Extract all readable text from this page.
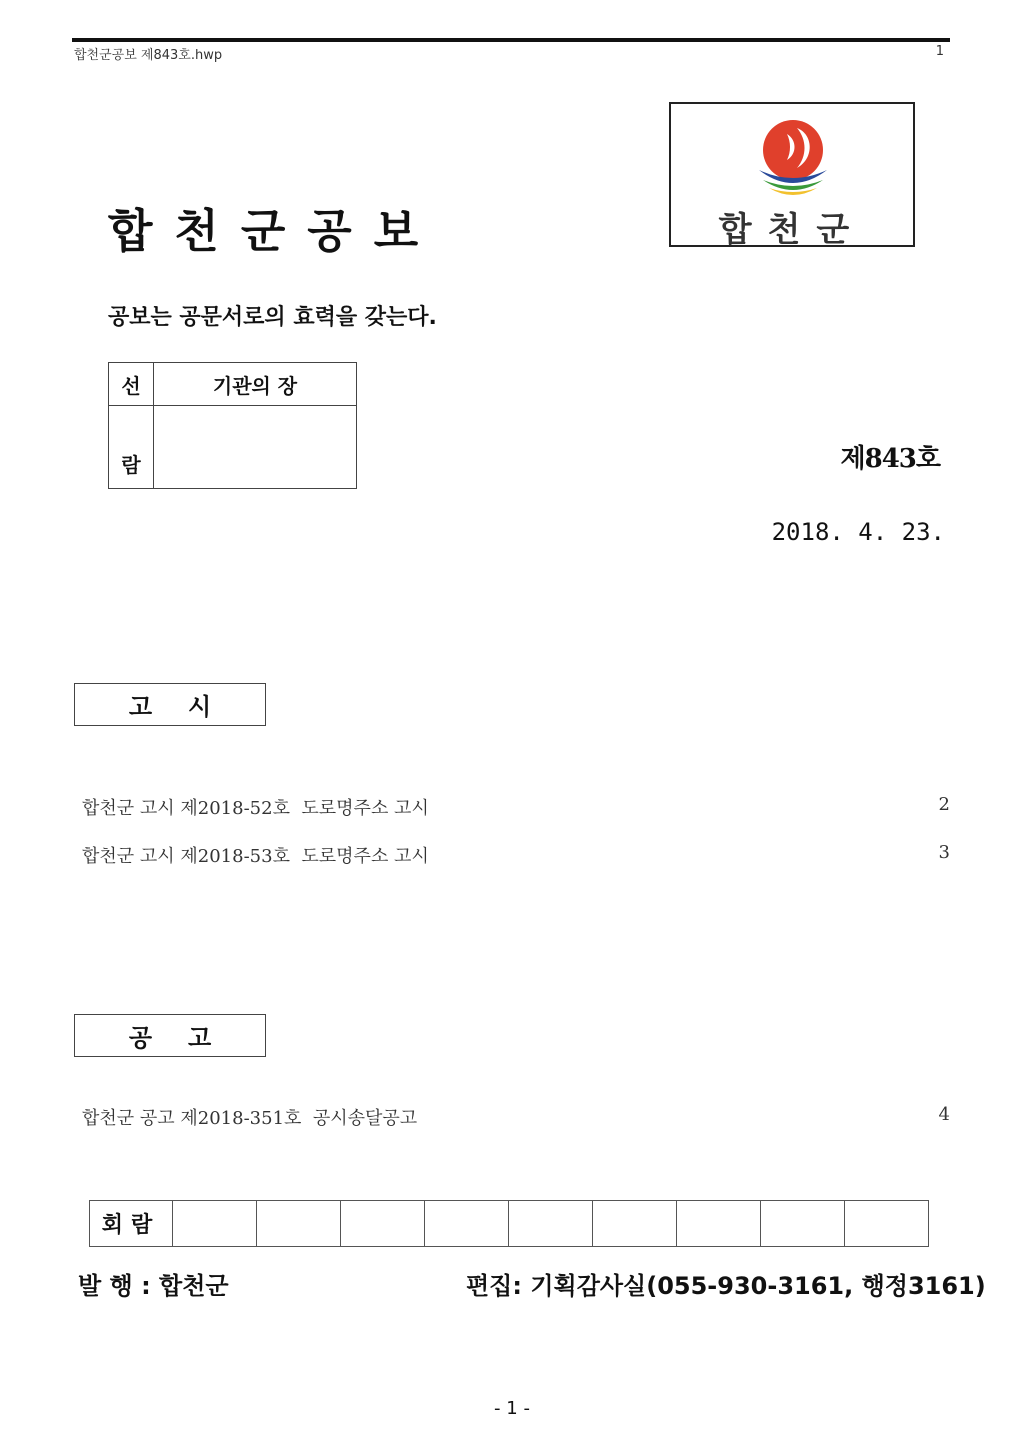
합천군공보 제843호.hwp	1
합천군공보	합천군
공보는 공문서로의 효력을 갖는다.
선	기관의 장
람		제843호
2018. 4. 23.
고시
합천군 고시 제2018-52호  도로명주소 고시	2
합천군 고시 제2018-53호  도로명주소 고시	3
공고
합천군 공고 제2018-351호  공시송달공고	4
회람									
발 행 : 합천군	편집: 기획감사실(055-930-3161, 행정3161)
- 1 -
